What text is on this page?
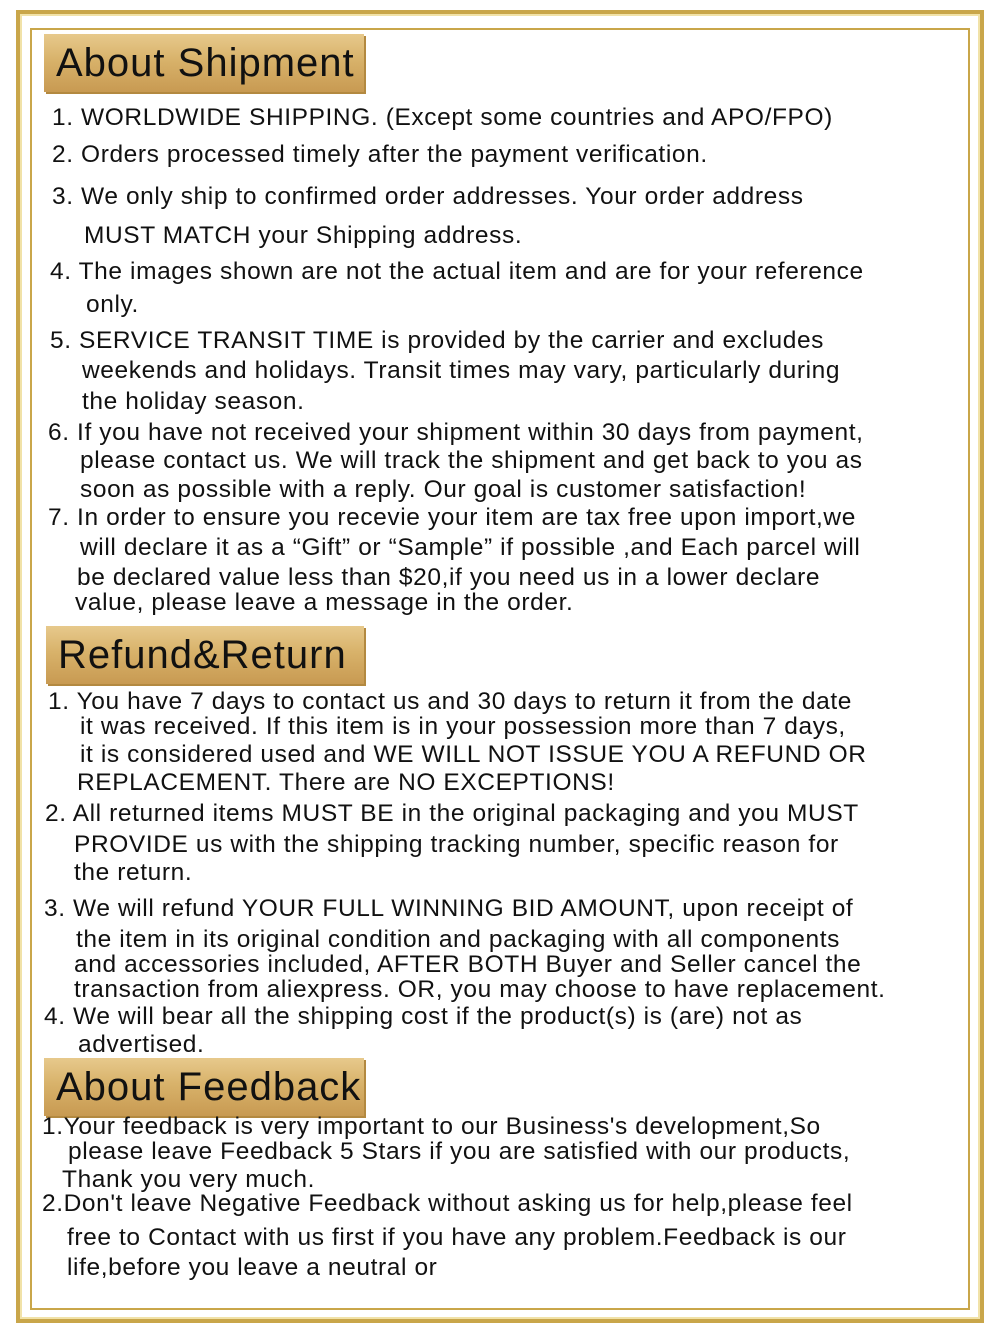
About Shipment
1. WORLDWIDE SHIPPING. (Except some countries and APO/FPO)
2. Orders processed timely after the payment verification.
3. We only ship to confirmed order addresses. Your order address
MUST MATCH your Shipping address.
4. The images shown are not the actual item and are for your reference
only.
5. SERVICE TRANSIT TIME is provided by the carrier and excludes
weekends and holidays. Transit times may vary, particularly during
the holiday season.
6. If you have not received your shipment within 30 days from payment,
please contact us. We will track the shipment and get back to you as
soon as possible with a reply. Our goal is customer satisfaction!
7. In order to ensure you recevie your item are tax free upon import,we
will declare it as a “Gift” or “Sample” if possible ,and Each parcel will
be declared value less than $20,if you need us in a lower declare
value, please leave a message in the order.
Refund&Return
1. You have 7 days to contact us and 30 days to return it from the date
it was received. If this item is in your possession more than 7 days,
it is considered used and WE WILL NOT ISSUE YOU A REFUND OR
REPLACEMENT. There are NO EXCEPTIONS!
2. All returned items MUST BE in the original packaging and you MUST
PROVIDE us with the shipping tracking number, specific reason for
the return.
3. We will refund YOUR FULL WINNING BID AMOUNT, upon receipt of
the item in its original condition and packaging with all components
and accessories included, AFTER BOTH Buyer and Seller cancel the
transaction from aliexpress. OR, you may choose to have replacement.
4. We will bear all the shipping cost if the product(s) is (are) not as
advertised.
About Feedback
1.Your feedback is very important to our Business's development,So
please leave Feedback 5 Stars if you are satisfied with our products,
Thank you very much.
2.Don't leave Negative Feedback without asking us for help,please feel
free to Contact with us first if you have any problem.Feedback is our
life,before you leave a neutral or
